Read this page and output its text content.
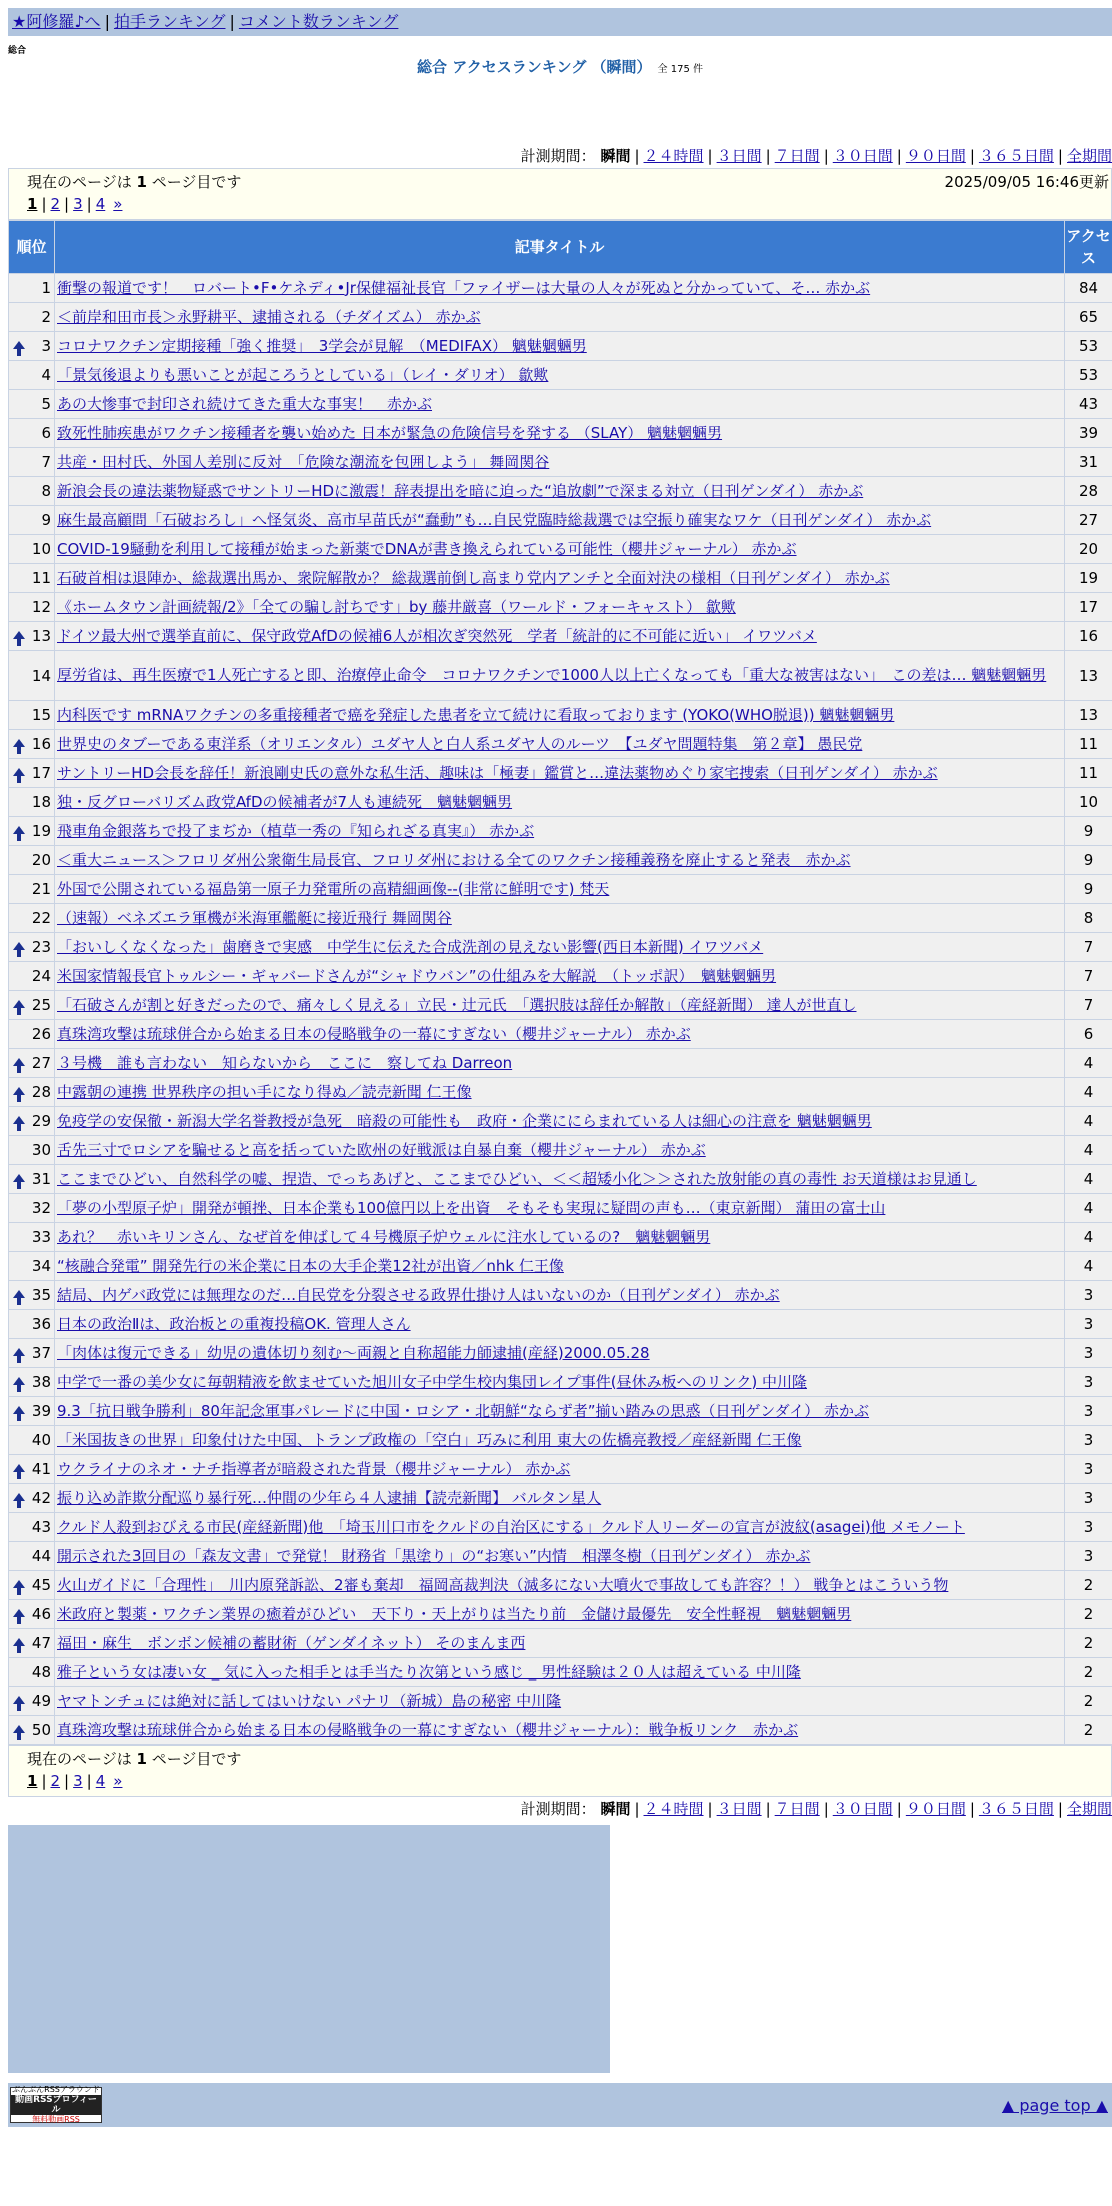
★阿修羅♪へ | 拍手ランキング | コメント数ランキング
総合
総合 アクセスランキング （瞬間） 全 175 件
計測期間： 瞬間 | ２４時間 | ３日間 | ７日間 | ３０日間 | ９０日間 | ３６５日間 | 全期間
現在のページは 1 ページ目です	2025/09/05 16:46更新
1 | 2 | 3 | 4 »
順位	記事タイトル	アクセス
1	衝撃の報道です！　ロバート•F•ケネディ•Jr保健福祉長官「ファイザーは大量の人々が死ぬと分かっていて、そ… 赤かぶ	84
2	＜前岸和田市長＞永野耕平、逮捕される（チダイズム） 赤かぶ	65

3	コロナワクチン定期接種「強く推奨」　3学会が見解　（MEDIFAX） 魑魅魍魎男	53
4	「景気後退よりも悪いことが起ころうとしている」（レイ・ダリオ） 歙歟	53
5	あの大惨事で封印され続けてきた重大な事実！　赤かぶ	43
6	致死性肺疾患がワクチン接種者を襲い始めた 日本が緊急の危険信号を発する （SLAY） 魑魅魍魎男	39
7	共産・田村氏、外国人差別に反対　「危険な潮流を包囲しよう」 舞岡関谷	31
8	新浪会長の違法薬物疑惑でサントリーHDに激震！辞表提出を暗に迫った“追放劇”で深まる対立（日刊ゲンダイ） 赤かぶ	28
9	麻生最高顧問「石破おろし」へ怪気炎、高市早苗氏が“蠢動”も…自民党臨時総裁選では空振り確実なワケ（日刊ゲンダイ） 赤かぶ	27
10	COVID-19騒動を利用して接種が始まった新薬でDNAが書き換えられている可能性（櫻井ジャーナル） 赤かぶ	20
11	石破首相は退陣か、総裁選出馬か、衆院解散か？ 総裁選前倒し高まり党内アンチと全面対決の様相（日刊ゲンダイ） 赤かぶ	19
12	《ホームタウン計画続報/2》「全ての騙し討ちです」by 藤井厳喜（ワールド・フォーキャスト） 歙歟	17

13	ドイツ最大州で選挙直前に、保守政党AfDの候補6人が相次ぎ突然死　学者「統計的に不可能に近い」 イワツバメ	16
14	厚労省は、再生医療で1人死亡すると即、治療停止命令　コロナワクチンで1000人以上亡くなっても「重大な被害はない」　この差は… 魑魅魍魎男	13
15	内科医です mRNAワクチンの多重接種者で癌を発症した患者を立て続けに看取っております (YOKO(WHO脱退)) 魑魅魍魎男	13

16	世界史のタブーである東洋系（オリエンタル）ユダヤ人と白人系ユダヤ人のルーツ　【ユダヤ問題特集　第２章】 愚民党	11

17	サントリーHD会長を辞任！新浪剛史氏の意外な私生活、趣味は「極妻」鑑賞と…違法薬物めぐり家宅捜索（日刊ゲンダイ） 赤かぶ	11
18	独・反グローバリズム政党AfDの候補者が7人も連続死　魑魅魍魎男	10

19	飛車角金銀落ちで投了まぢか（植草一秀の『知られざる真実』） 赤かぶ	9
20	＜重大ニュース＞フロリダ州公衆衛生局長官、フロリダ州における全てのワクチン接種義務を廃止すると発表　赤かぶ	9
21	外国で公開されている福島第一原子力発電所の高精細画像--(非常に鮮明です) 梵天	9
22	（速報）ベネズエラ軍機が米海軍艦艇に接近飛行 舞岡関谷	8

23	「おいしくなくなった」歯磨きで実感　中学生に伝えた合成洗剤の見えない影響(西日本新聞) イワツバメ	7
24	米国家情報長官トゥルシー・ギャバードさんが“シャドウバン”の仕組みを大解説　（トッポ訳）　魑魅魍魎男	7

25	「石破さんが割と好きだったので、痛々しく見える」立民・辻元氏　「選択肢は辞任か解散」（産経新聞） 達人が世直し	7
26	真珠湾攻撃は琉球併合から始まる日本の侵略戦争の一幕にすぎない（櫻井ジャーナル） 赤かぶ	6

27	３号機　誰も言わない　知らないから　ここに　察してね Darreon	4

28	中露朝の連携 世界秩序の担い手になり得ぬ／読売新聞 仁王像	4

29	免疫学の安保徹・新潟大学名誉教授が急死　暗殺の可能性も　政府・企業ににらまれている人は細心の注意を 魑魅魍魎男	4
30	舌先三寸でロシアを騙せると高を括っていた欧州の好戦派は自暴自棄（櫻井ジャーナル） 赤かぶ	4

31	ここまでひどい、自然科学の嘘、捏造、でっちあげと、ここまでひどい、＜＜超矮小化＞＞された放射能の真の毒性 お天道様はお見通し	4
32	「夢の小型原子炉」開発が頓挫、日本企業も100億円以上を出資　そもそも実現に疑問の声も…（東京新聞） 蒲田の富士山	4
33	あれ？　赤いキリンさん、なぜ首を伸ばして４号機原子炉ウェルに注水しているの?　魑魅魍魎男	4
34	“核融合発電” 開発先行の米企業に日本の大手企業12社が出資／nhk 仁王像	4

35	結局、内ゲバ政党には無理なのだ…自民党を分裂させる政界仕掛け人はいないのか（日刊ゲンダイ） 赤かぶ	3
36	日本の政治Ⅱは、政治板との重複投稿OK. 管理人さん	3

37	「肉体は復元できる」幼児の遺体切り刻む～両親と自称超能力師逮捕(産経)2000.05.28	3

38	中学で一番の美少女に毎朝精液を飲ませていた旭川女子中学生校内集団レイプ事件(昼休み板へのリンク) 中川隆	3

39	9.3「抗日戦争勝利」80年記念軍事パレードに中国・ロシア・北朝鮮“ならず者”揃い踏みの思惑（日刊ゲンダイ） 赤かぶ	3
40	「米国抜きの世界」印象付けた中国、トランプ政権の「空白」巧みに利用 東大の佐橋亮教授／産経新聞 仁王像	3

41	ウクライナのネオ・ナチ指導者が暗殺された背景（櫻井ジャーナル） 赤かぶ	3

42	振り込め詐欺分配巡り暴行死…仲間の少年ら４人逮捕【読売新聞】 バルタン星人	3
43	クルド人殺到おびえる市民(産経新聞)他　「埼玉川口市をクルドの自治区にする」クルド人リーダーの宣言が波紋(asagei)他 メモノート	3
44	開示された3回目の「森友文書」で発覚！ 財務省「黒塗り」の“お寒い”内情　相澤冬樹（日刊ゲンダイ） 赤かぶ	3

45	火山ガイドに「合理性」　川内原発訴訟、2審も棄却　福岡高裁判決（滅多にない大噴火で事故しても許容？！） 戦争とはこういう物	2

46	米政府と製薬・ワクチン業界の癒着がひどい　天下り・天上がりは当たり前　金儲け最優先　安全性軽視　魑魅魍魎男	2

47	福田・麻生　ボンボン候補の蓄財術（ゲンダイネット） そのまんま西	2
48	雅子という女は凄い女 _ 気に入った相手とは手当たり次第という感じ _ 男性経験は２０人は超えている 中川隆	2

49	ヤマトンチュには絶対に話してはいけない パナリ（新城）島の秘密 中川隆	2

50	真珠湾攻撃は琉球併合から始まる日本の侵略戦争の一幕にすぎない（櫻井ジャーナル）：戦争板リンク　赤かぶ	2
現在のページは 1 ページ目です
1 | 2 | 3 | 4 »
計測期間： 瞬間 | ２４時間 | ３日間 | ７日間 | ３０日間 | ９０日間 | ３６５日間 | 全期間
ぶんぶんRSSアラウンド
動画RSSプロフィール
無料動画RSS
▲ page top ▲
